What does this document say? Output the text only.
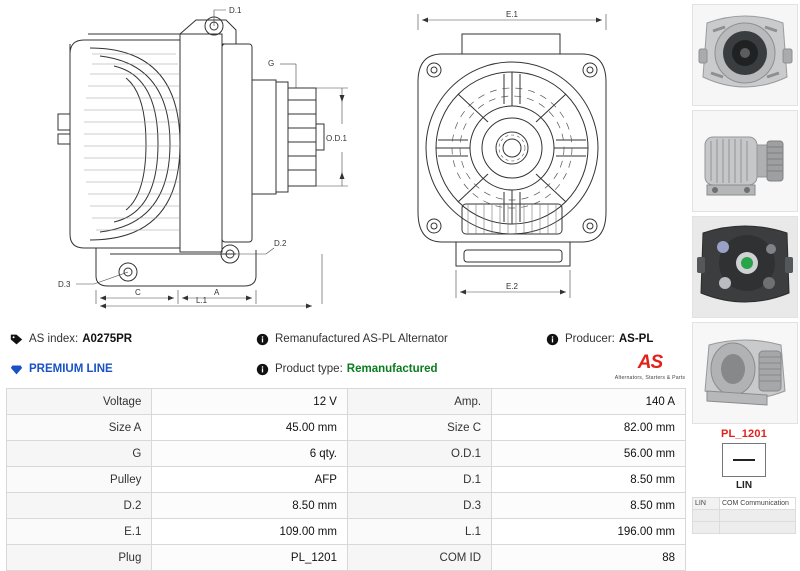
D.1
D.2
D.3
G
O.D.1
C	A
L.1
E.1
E.2
PL_1201
LIN
LIN	COM Communication

AS index: A0275PR	Remanufactured AS-PL Alternator	Producer: AS-PL
PREMIUM LINE	Product type: Remanufactured	AS
Alternators, Starters & Parts
Voltage	12 V	Amp.	140 A
Size A	45.00 mm	Size C	82.00 mm
G	6 qty.	O.D.1	56.00 mm
Pulley	AFP	D.1	8.50 mm
D.2	8.50 mm	D.3	8.50 mm
E.1	109.00 mm	L.1	196.00 mm
Plug	PL_1201	COM ID	88
